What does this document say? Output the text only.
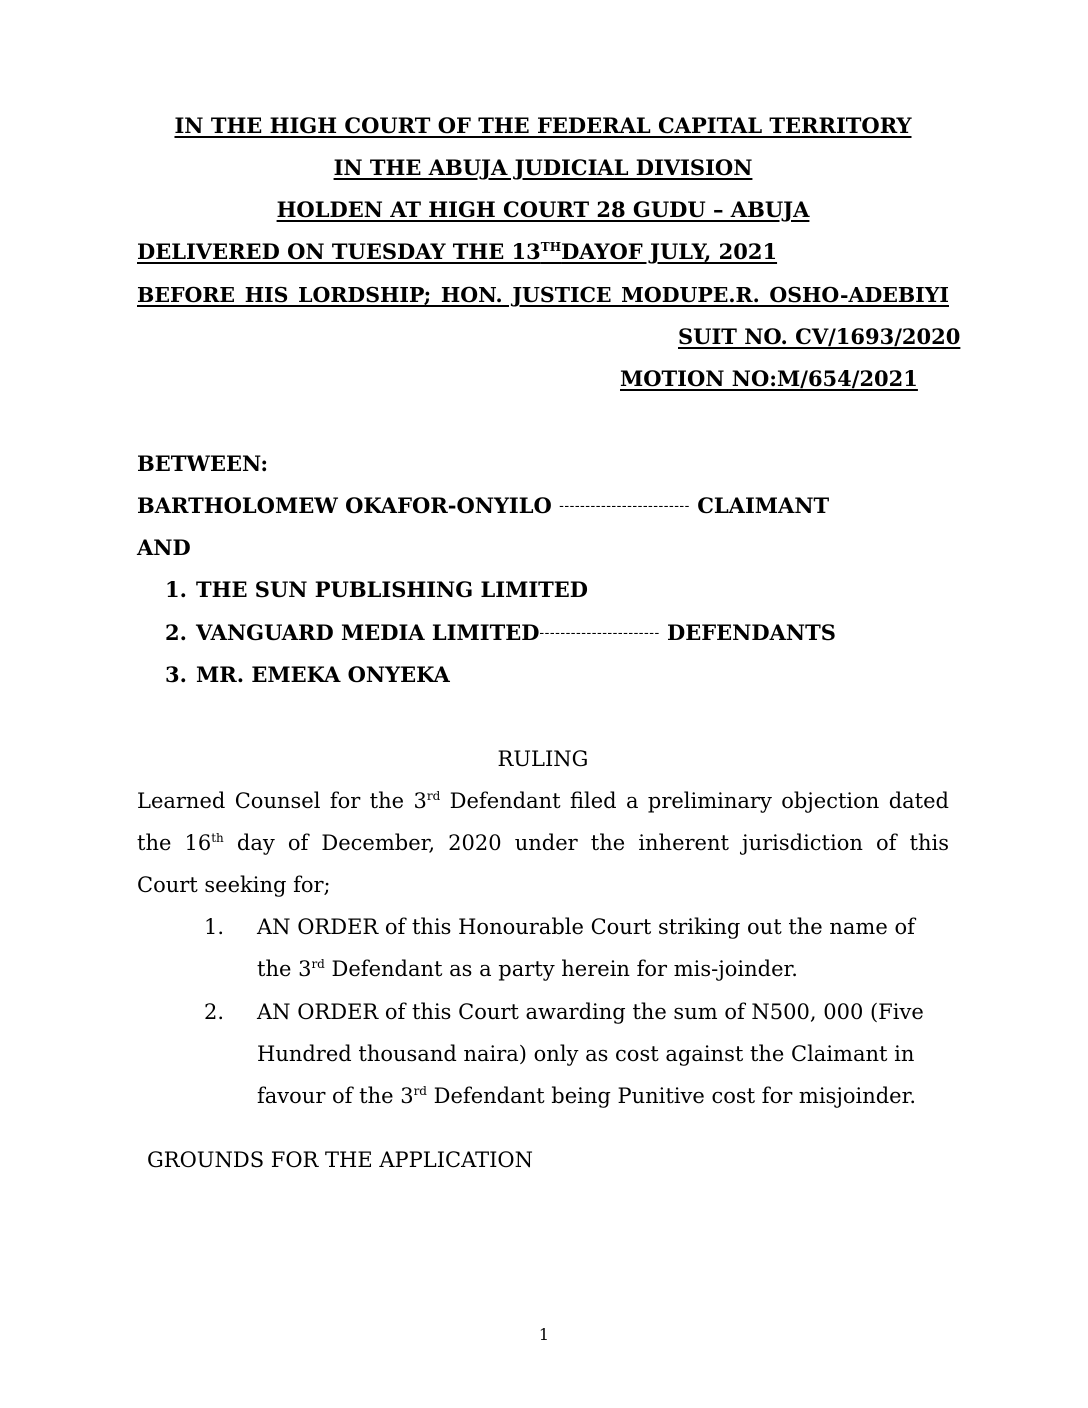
IN THE HIGH COURT OF THE FEDERAL CAPITAL TERRITORY
IN THE ABUJA JUDICIAL DIVISION
HOLDEN AT HIGH COURT 28 GUDU – ABUJA
DELIVERED ON TUESDAY THE 13THDAYOF JULY, 2021
BEFORE HIS LORDSHIP; HON. JUSTICE MODUPE.R. OSHO-ADEBIYI
SUIT NO. CV/1693/2020
MOTION NO:M/654/2021
BETWEEN:
BARTHOLOMEW OKAFOR-ONYILO ------------------------- CLAIMANT
AND
1. THE SUN PUBLISHING LIMITED
2. VANGUARD MEDIA LIMITED----------------------- DEFENDANTS
3. MR. EMEKA ONYEKA
RULING
Learned Counsel for the 3rd Defendant filed a preliminary objection dated
the 16th day of December, 2020 under the inherent jurisdiction of this
Court seeking for;
1. AN ORDER of this Honourable Court striking out the name of
the 3rd Defendant as a party herein for mis-joinder.
2. AN ORDER of this Court awarding the sum of N500, 000 (Five
Hundred thousand naira) only as cost against the Claimant in
favour of the 3rd Defendant being Punitive cost for misjoinder.
GROUNDS FOR THE APPLICATION
1
